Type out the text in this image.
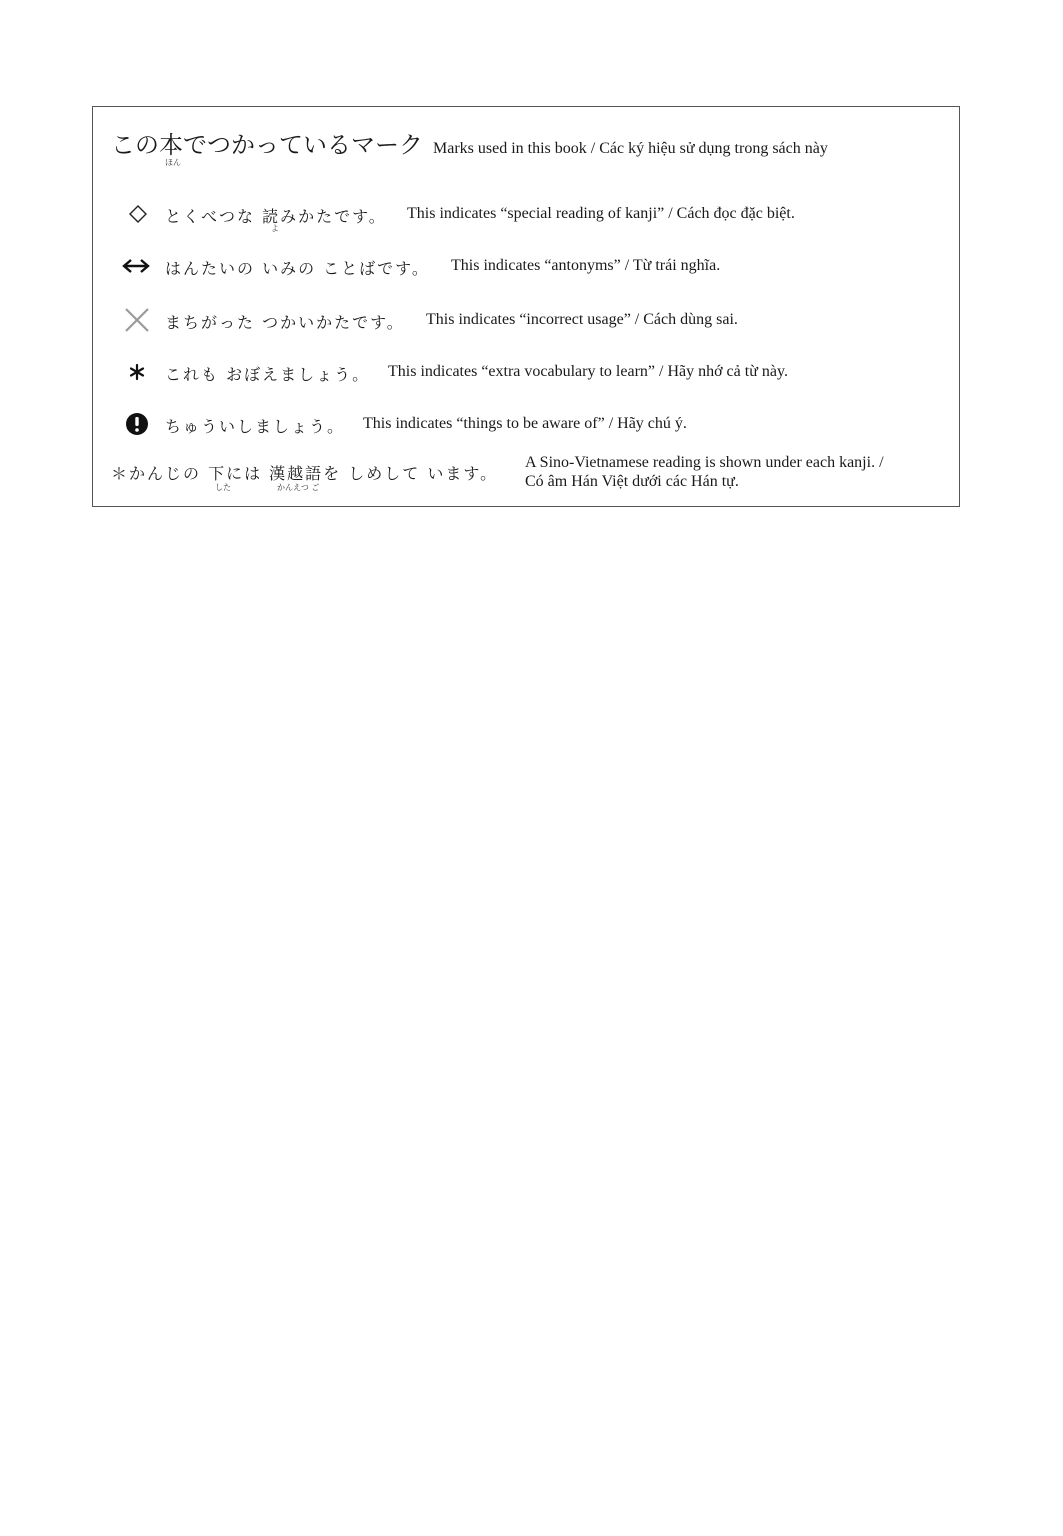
この本でつかっているマーク Marks used in this book / Các ký hiệu sử dụng trong sách này
ほん
とくべつな 読みかたです。
よ
This indicates “special reading of kanji” / Cách đọc đặc biệt.
はんたいの いみの ことばです。 This indicates “antonyms” / Từ trái nghĩa.
まちがった つかいかたです。 This indicates “incorrect usage” / Cách dùng sai.
これも おぼえましょう。 This indicates “extra vocabulary to learn” / Hãy nhớ cả từ này.
ちゅういしましょう。 This indicates “things to be aware of” / Hãy chú ý.
＊かんじの 下には 漢越語を しめして います。
した	かんえつ ご
A Sino-Vietnamese reading is shown under each kanji. /
Có âm Hán Việt dưới các Hán tự.
